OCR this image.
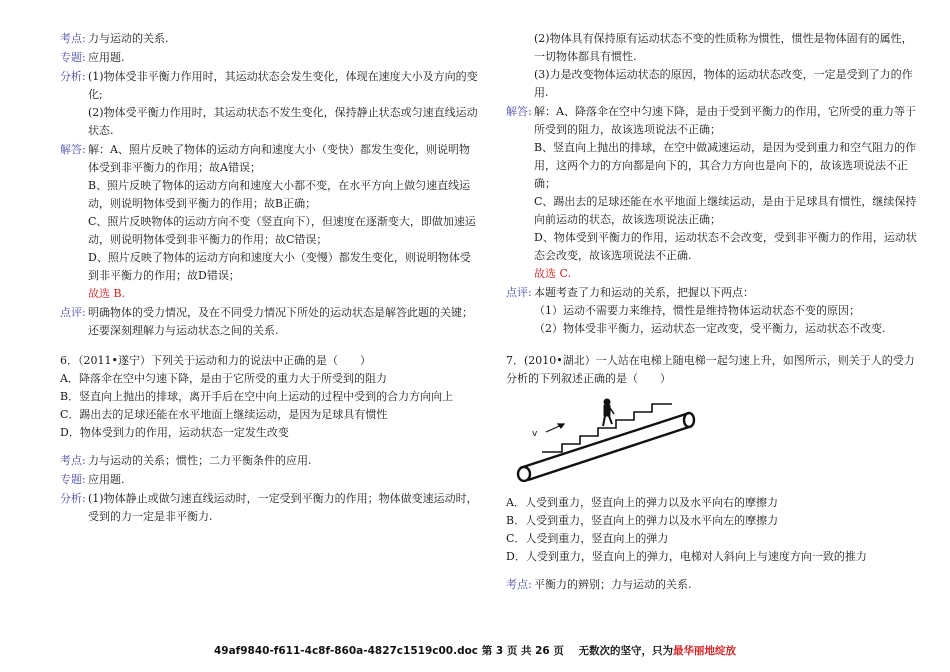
考点: 力与运动的关系.
专题: 应用题.
分析: (1)物体受非平衡力作用时，其运动状态会发生变化，体现在速度大小及方向的变化;

(2)物体受平衡力作用时，其运动状态不发生变化，保持静止状态或匀速直线运动状态.

解答: 解：A、照片反映了物体的运动方向和速度大小（变快）都发生变化，则说明物体受到非平衡力的作用；故A错误；

B、照片反映了物体的运动方向和速度大小都不变，在水平方向上做匀速直线运动，则说明物体受到平衡力的作用；故B正确；

C、照片反映物体的运动方向不变（竖直向下），但速度在逐渐变大，即做加速运动，则说明物体受到非平衡力的作用；故C错误；

D、照片反映了物体的运动方向和速度大小（变慢）都发生变化，则说明物体受到非平衡力的作用；故D错误；

故选 B.

点评: 明确物体的受力情况，及在不同受力情况下所处的运动状态是解答此题的关键；还要深刻理解力与运动状态之间的关系.

6．（2011•遂宁）下列关于运动和力的说法中正确的是（　　）

A．降落伞在空中匀速下降，是由于它所受的重力大于所受到的阻力

B．竖直向上抛出的排球，离开手后在空中向上运动的过程中受到的合力方向向上

C．踢出去的足球还能在水平地面上继续运动，是因为足球具有惯性

D．物体受到力的作用，运动状态一定发生改变

考点: 力与运动的关系；惯性；二力平衡条件的应用.
专题: 应用题.
分析: (1)物体静止或做匀速直线运动时，一定受到平衡力的作用；物体做变速运动时，受到的力一定是非平衡力.

(2)物体具有保持原有运动状态不变的性质称为惯性，惯性是物体固有的属性，一切物体都具有惯性.

(3)力是改变物体运动状态的原因，物体的运动状态改变，一定是受到了力的作用.

解答: 解：A、降落伞在空中匀速下降，是由于受到平衡力的作用，它所受的重力等于所受到的阻力，故该选项说法不正确；

B、竖直向上抛出的排球，在空中做减速运动，是因为受到重力和空气阻力的作用，这两个力的方向都是向下的，其合力方向也是向下的，故该选项说法不正确；

C、踢出去的足球还能在水平地面上继续运动，是由于足球具有惯性，继续保持向前运动的状态，故该选项说法正确；

D、物体受到平衡力的作用，运动状态不会改变，受到非平衡力的作用，运动状态会改变，故该选项说法不正确.

故选 C.

点评: 本题考查了力和运动的关系，把握以下两点：

（1）运动不需要力来维持，惯性是维持物体运动状态不变的原因；

（2）物体受非平衡力，运动状态一定改变，受平衡力，运动状态不改变.

7．(2010•湖北）一人站在电梯上随电梯一起匀速上升，如图所示，则关于人的受力分析的下列叙述正确的是（　　）

v

A．人受到重力，竖直向上的弹力以及水平向右的摩擦力

B．人受到重力，竖直向上的弹力以及水平向左的摩擦力

C．人受到重力，竖直向上的弹力

D．人受到重力，竖直向上的弹力，电梯对人斜向上与速度方向一致的推力

考点: 平衡力的辨别；力与运动的关系.
49af9840-f611-4c8f-860a-4827c1519c00.doc 第 3 页 共 26 页 无数次的坚守，只为最华丽地绽放
